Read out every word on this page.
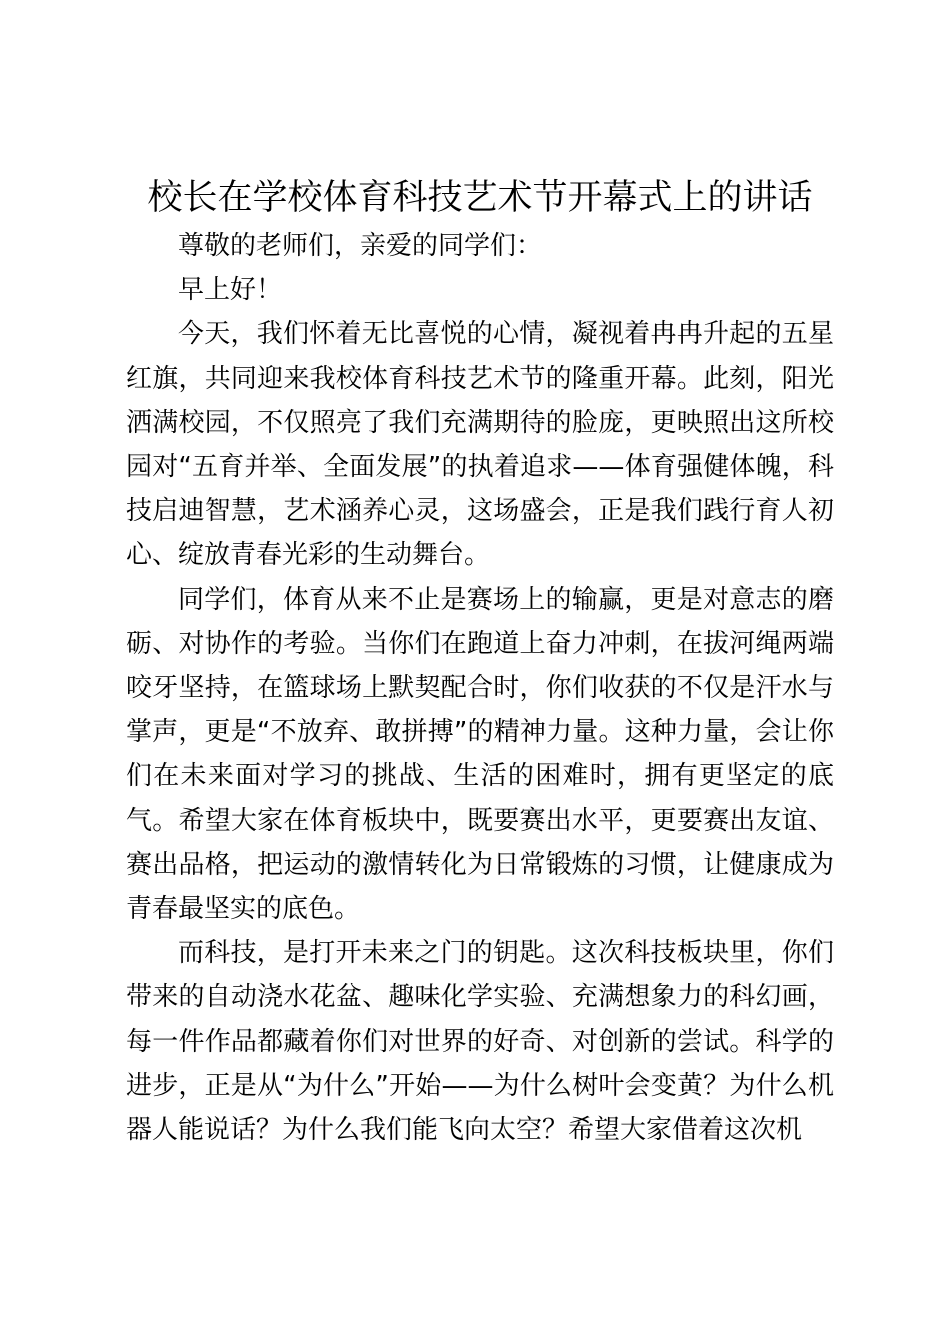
校长在学校体育科技艺术节开幕式上的讲话

尊敬的老师们，亲爱的同学们：

早上好！

今天，我们怀着无比喜悦的心情，凝视着冉冉升起的五星红旗，共同迎来我校体育科技艺术节的隆重开幕。此刻，阳光洒满校园，不仅照亮了我们充满期待的脸庞，更映照出这所校园对“五育并举、全面发展”的执着追求——体育强健体魄，科技启迪智慧，艺术涵养心灵，这场盛会，正是我们践行育人初心、绽放青春光彩的生动舞台。

同学们，体育从来不止是赛场上的输赢，更是对意志的磨砺、对协作的考验。当你们在跑道上奋力冲刺，在拔河绳两端咬牙坚持，在篮球场上默契配合时，你们收获的不仅是汗水与掌声，更是“不放弃、敢拼搏”的精神力量。这种力量，会让你们在未来面对学习的挑战、生活的困难时，拥有更坚定的底气。希望大家在体育板块中，既要赛出水平，更要赛出友谊、赛出品格，把运动的激情转化为日常锻炼的习惯，让健康成为青春最坚实的底色。

而科技，是打开未来之门的钥匙。这次科技板块里，你们带来的自动浇水花盆、趣味化学实验、充满想象力的科幻画，每一件作品都藏着你们对世界的好奇、对创新的尝试。科学的进步，正是从“为什么”开始——为什么树叶会变黄？为什么机器人能说话？为什么我们能飞向太空？希望大家借着这次机
